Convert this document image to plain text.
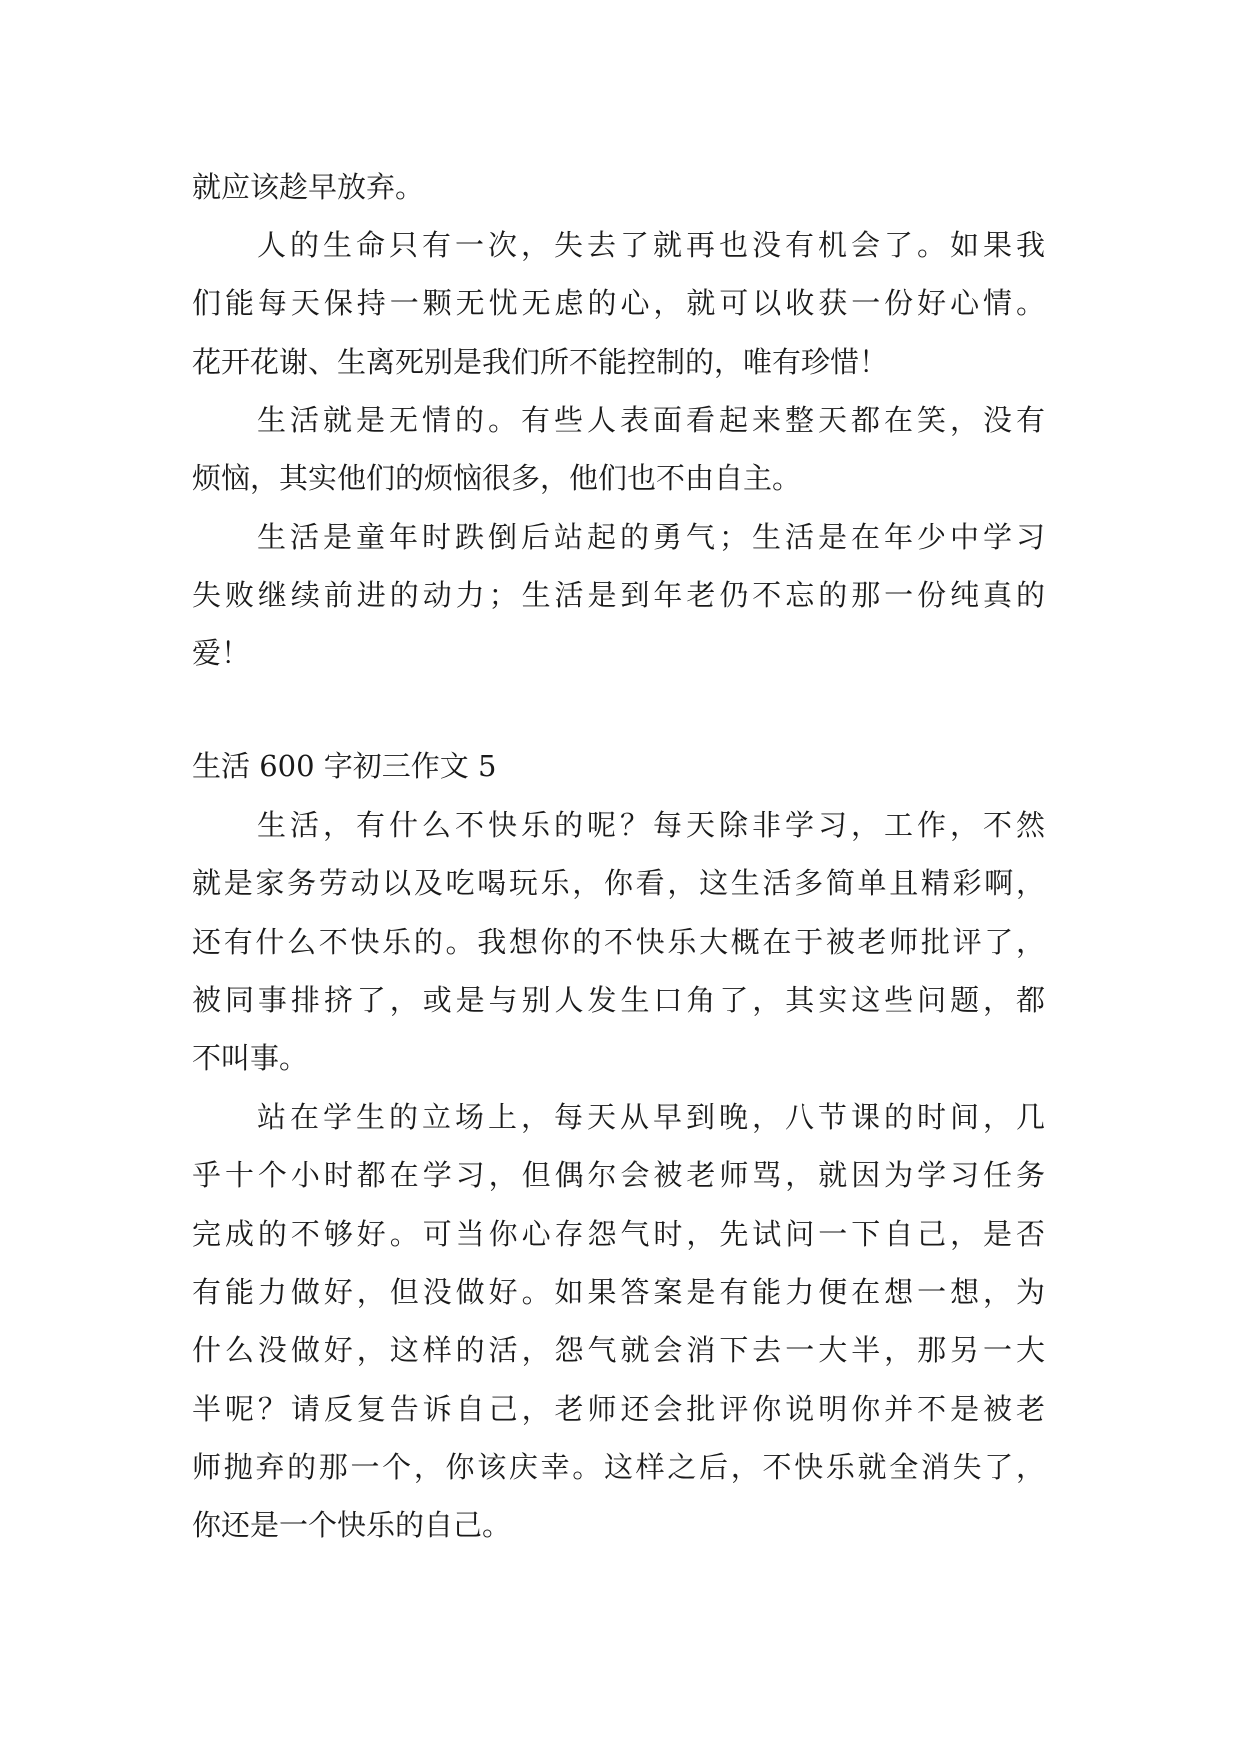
就应该趁早放弃。
人的生命只有一次，失去了就再也没有机会了。如果我
们能每天保持一颗无忧无虑的心，就可以收获一份好心情。
花开花谢、生离死别是我们所不能控制的，唯有珍惜！
生活就是无情的。有些人表面看起来整天都在笑，没有
烦恼，其实他们的烦恼很多，他们也不由自主。
生活是童年时跌倒后站起的勇气；生活是在年少中学习
失败继续前进的动力；生活是到年老仍不忘的那一份纯真的
爱！
生活 600 字初三作文 5
生活，有什么不快乐的呢？每天除非学习，工作，不然
就是家务劳动以及吃喝玩乐，你看，这生活多简单且精彩啊，
还有什么不快乐的。我想你的不快乐大概在于被老师批评了，
被同事排挤了，或是与别人发生口角了，其实这些问题，都
不叫事。
站在学生的立场上，每天从早到晚，八节课的时间，几
乎十个小时都在学习，但偶尔会被老师骂，就因为学习任务
完成的不够好。可当你心存怨气时，先试问一下自己，是否
有能力做好，但没做好。如果答案是有能力便在想一想，为
什么没做好，这样的活，怨气就会消下去一大半，那另一大
半呢？请反复告诉自己，老师还会批评你说明你并不是被老
师抛弃的那一个，你该庆幸。这样之后，不快乐就全消失了，
你还是一个快乐的自己。
